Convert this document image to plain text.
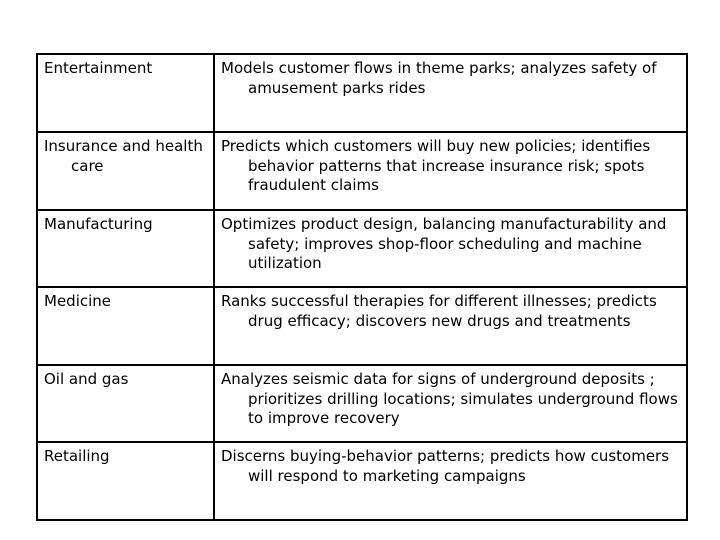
Entertainment	Models customer flows in theme parks; analyzes safety of amusement parks rides

Insurance and health care	Predicts which customers will buy new policies; identifies behavior patterns that increase insurance risk; spots fraudulent claims

Manufacturing	Optimizes product design, balancing manufacturability and safety; improves shop-floor scheduling and machine utilization

Medicine	Ranks successful therapies for different illnesses; predicts drug efficacy; discovers new drugs and treatments

Oil and gas	Analyzes seismic data for signs of underground deposits ; prioritizes drilling locations; simulates underground flows to improve recovery

Retailing	Discerns buying-behavior patterns; predicts how customers will respond to marketing campaigns
